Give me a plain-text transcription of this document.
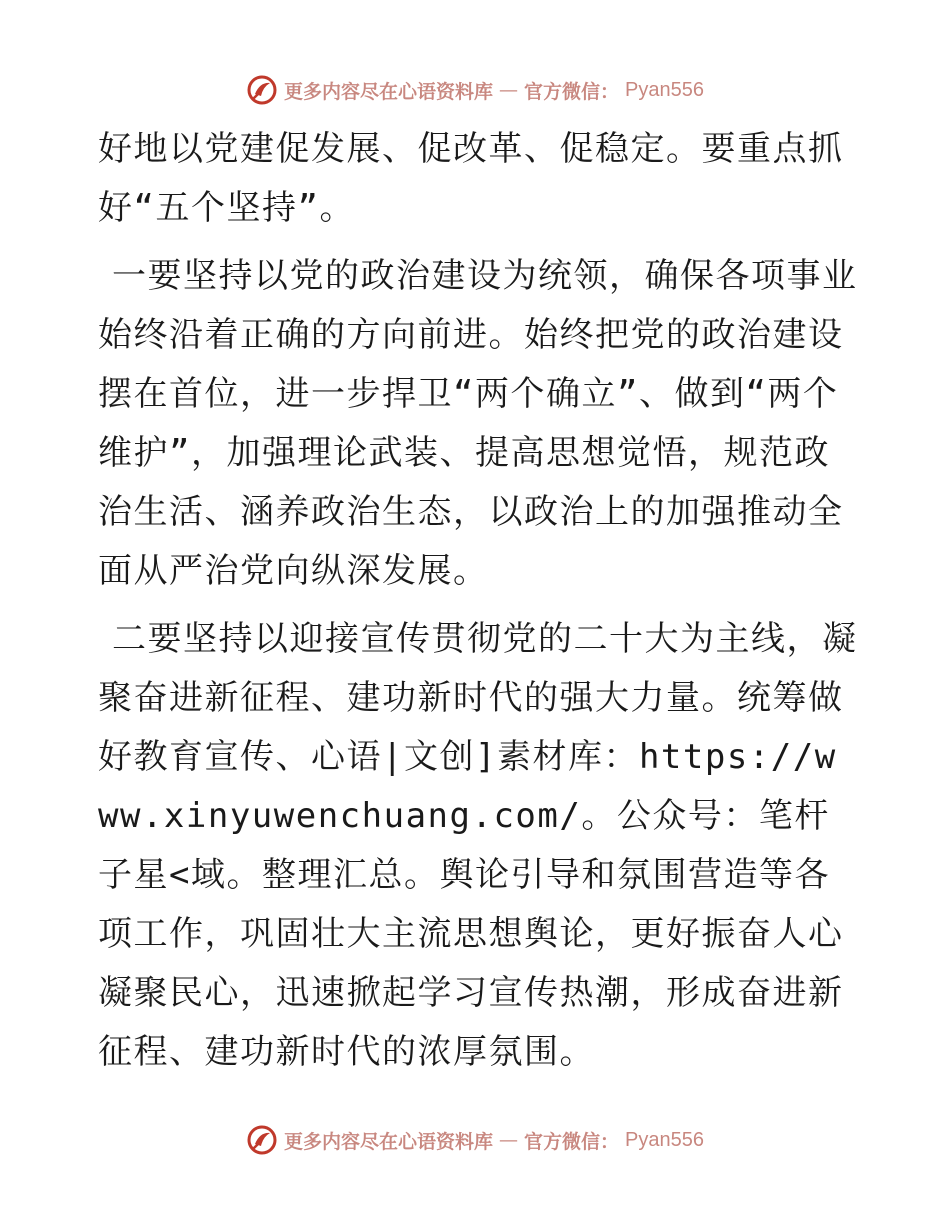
更多内容尽在心语资料库 — 官方微信： Pyan556

好地以党建促发展、促改革、促稳定。要重点抓好“五个坚持”。

一要坚持以党的政治建设为统领，确保各项事业始终沿着正确的方向前进。始终把党的政治建设摆在首位，进一步捍卫“两个确立”、做到“两个维护”，加强理论武装、提高思想觉悟，规范政治生活、涵养政治生态，以政治上的加强推动全面从严治党向纵深发展。

二要坚持以迎接宣传贯彻党的二十大为主线，凝聚奋进新征程、建功新时代的强大力量。统筹做好教育宣传、心语|文创]素材库：https://www.xinyuwenchuang.com/。公众号：笔杆子星<域。整理汇总。舆论引导和氛围营造等各项工作，巩固壮大主流思想舆论，更好振奋人心凝聚民心，迅速掀起学习宣传热潮，形成奋进新征程、建功新时代的浓厚氛围。

更多内容尽在心语资料库 — 官方微信： Pyan556
